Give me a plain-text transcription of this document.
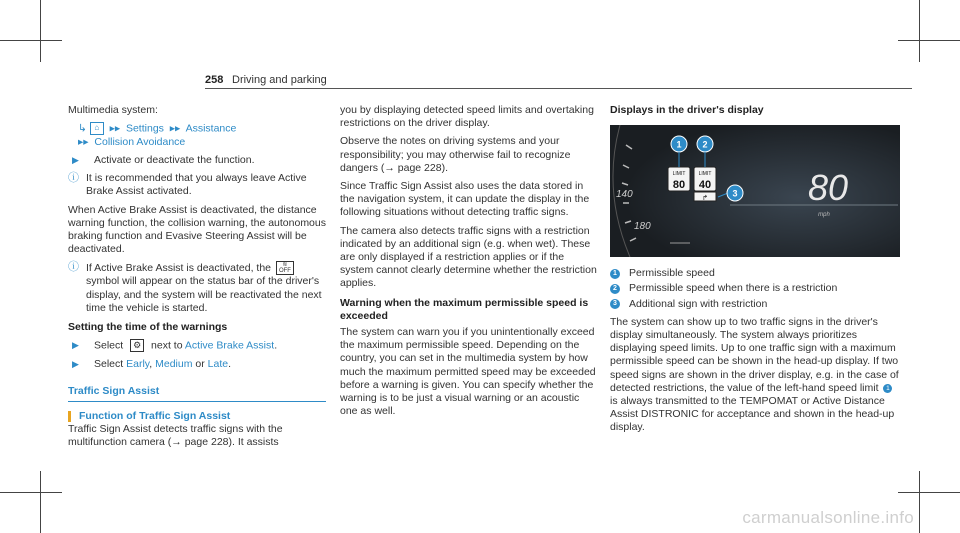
258 Driving and parking

Multimedia system:

↳ ⌂  ▸▸  Settings  ▸▸  Assistance
▸▸  Collision Avoidance
▶	Activate or deactivate the function.
ⓘ It is recommended that you always leave Active Brake Assist activated.

When Active Brake Assist is deactivated, the distance warning function, the collision warning, the autonomous braking function and Evasive Steering Assist will be deactivated.

ⓘ If Active Brake Assist is deactivated, the ≋
OFF symbol will appear on the status bar of the driver's display, and the system will be reactivated the next time the vehicle is started.
Setting the time of the warnings
▶	Select ⚙ next to Active Brake Assist.
▶	Select Early, Medium or Late.
Traffic Sign Assist
Function of Traffic Sign Assist

Traffic Sign Assist detects traffic signs with the multifunction camera (→ page 228). It assists

you by displaying detected speed limits and overtaking restrictions on the driver display.

Observe the notes on driving systems and your responsibility; you may otherwise fail to recognize dangers (→ page 228).

Since Traffic Sign Assist also uses the data stored in the navigation system, it can update the display in the following situations without detecting traffic signs.

The camera also detects traffic signs with a restriction indicated by an additional sign (e.g. when wet). These are only displayed if a restriction applies or if the system cannot clearly determine whether the restriction applies.

Warning when the maximum permissible speed is exceeded

The system can warn you if you unintentionally exceed the maximum permissible speed. Depending on the country, you can set in the multimedia system by how much the maximum permitted speed may be exceeded before a warning is given. You can specify whether the warning is to be just a visual warning or an acoustic one as well.

Displays in the driver's display
140
180
LIMIT
80
LIMIT
40
↱
1 2
3 80
mph
1 Permissible speed
2 Permissible speed when there is a restriction
3 Additional sign with restriction

The system can show up to two traffic signs in the driver's display simultaneously. The system always prioritizes displaying speed limits. Up to one traffic sign with a maximum permissible speed can be shown in the head-up display. If two speed signs are shown in the driver display, e.g. in the case of detected restrictions, the value of the left-hand speed limit 1 is always transmitted to the TEMPOMAT or Active Distance Assist DISTRONIC for acceptance and shown in the head-up display.

carmanualsonline.info
